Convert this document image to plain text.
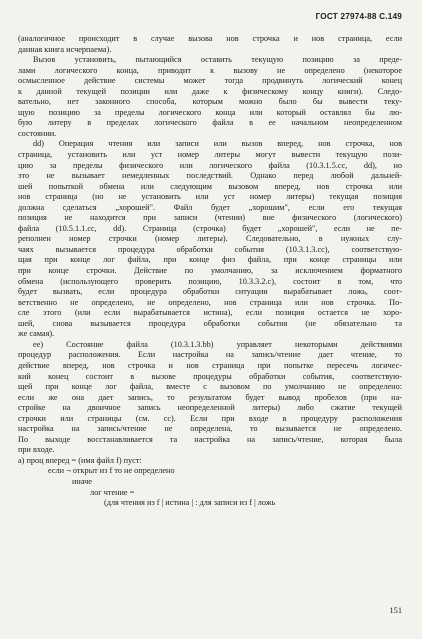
ГОСТ 27974-88 С.149
(аналогичное происходит в случае вызова нов строчка и нов страница, если
данная книга исчерпаема).
Вызов установить, пытающийся оставить текущую позицию за преде-
лами логического конца, приводит к вызову не определено (некоторое
осмысленное действие системы может тогда продвинуть логический конец
к данной текущей позиции или даже к физическому концу книги). Следо-
вательно, нет законного способа, которым можно было бы вывести теку-
щую позицию за пределы логического конца или который оставлял бы лю-
бую литеру в пределах логического файла в ее начальном неопределенном
состоянии.
dd) Операция чтения или записи или вызов вперед, нов строчка, нов
страница, установить или уст номер литеры могут вывести текущую пози-
цию за пределы физического или логического файла (10.3.1.5.cc, dd), но
это не вызывает немедленных последствий. Однако перед любой дальней-
шей попыткой обмена или следующим вызовом вперед, нов строчка или
нов страница (но не установить или уст номер литеры) текущая позиция
должна сделаться „хорошей". Файл будет „хорошим", если его текущая
позиция не находится при записи (чтении) вне физического (логического)
файла (10.5.1.1.cc, dd). Страница (строчка) будет „хорошей", если не пе-
реполнен номер строчки (номер литеры). Следовательно, в нужных слу-
чаях вызывается процедура обработки события (10.3.1.3.cc), соответствую-
щая при конце лог файла, при конце физ файла, при конце страницы или
при конце строчки. Действие по умолчанию, за исключением форматного
обмена (использующего проверить позицию, 10.3.3.2.c), состоит в том, что
будет вызвать, если процедура обработки ситуации вырабатывает ложь, соот-
ветственно не определено, не определено, нов страница или нов строчка. По-
сле этого (или если вырабатывается истина), если позиция остается не хоро-
шей, снова вызывается процедура обработки события (не обязательно та
же самая).
ee) Состояние файла (10.3.1.3.bb) управляет некоторыми действиями
процедур расположения. Если настройка на запись/чтение дает чтение, то
действие вперед, нов строчка и нов страница при попытке пересечь логичес-
кий конец состоит в вызове процедуры обработки события, соответствую-
щей при конце лог файла, вместе с вызовом по умолчанию не определено:
если же она дает запись, то результатом будет вывод пробелов (при на-
стройке на двоичное запись неопределенной литеры) либо сжатие текущей
строчки или страницы (см. cc). Если при входе в процедуру расположения
настройка на запись/чтение не определена, то вызывается не определено.
По выходе восстанавливается та настройка на запись/чтение, которая была
при входе.
а) проц вперед = (имя файл f) пуст:
если ¬ открыт из f то не определено
иначе
лог чтение =
(для чтения из f | истина | : для записи из f | ложь
151
